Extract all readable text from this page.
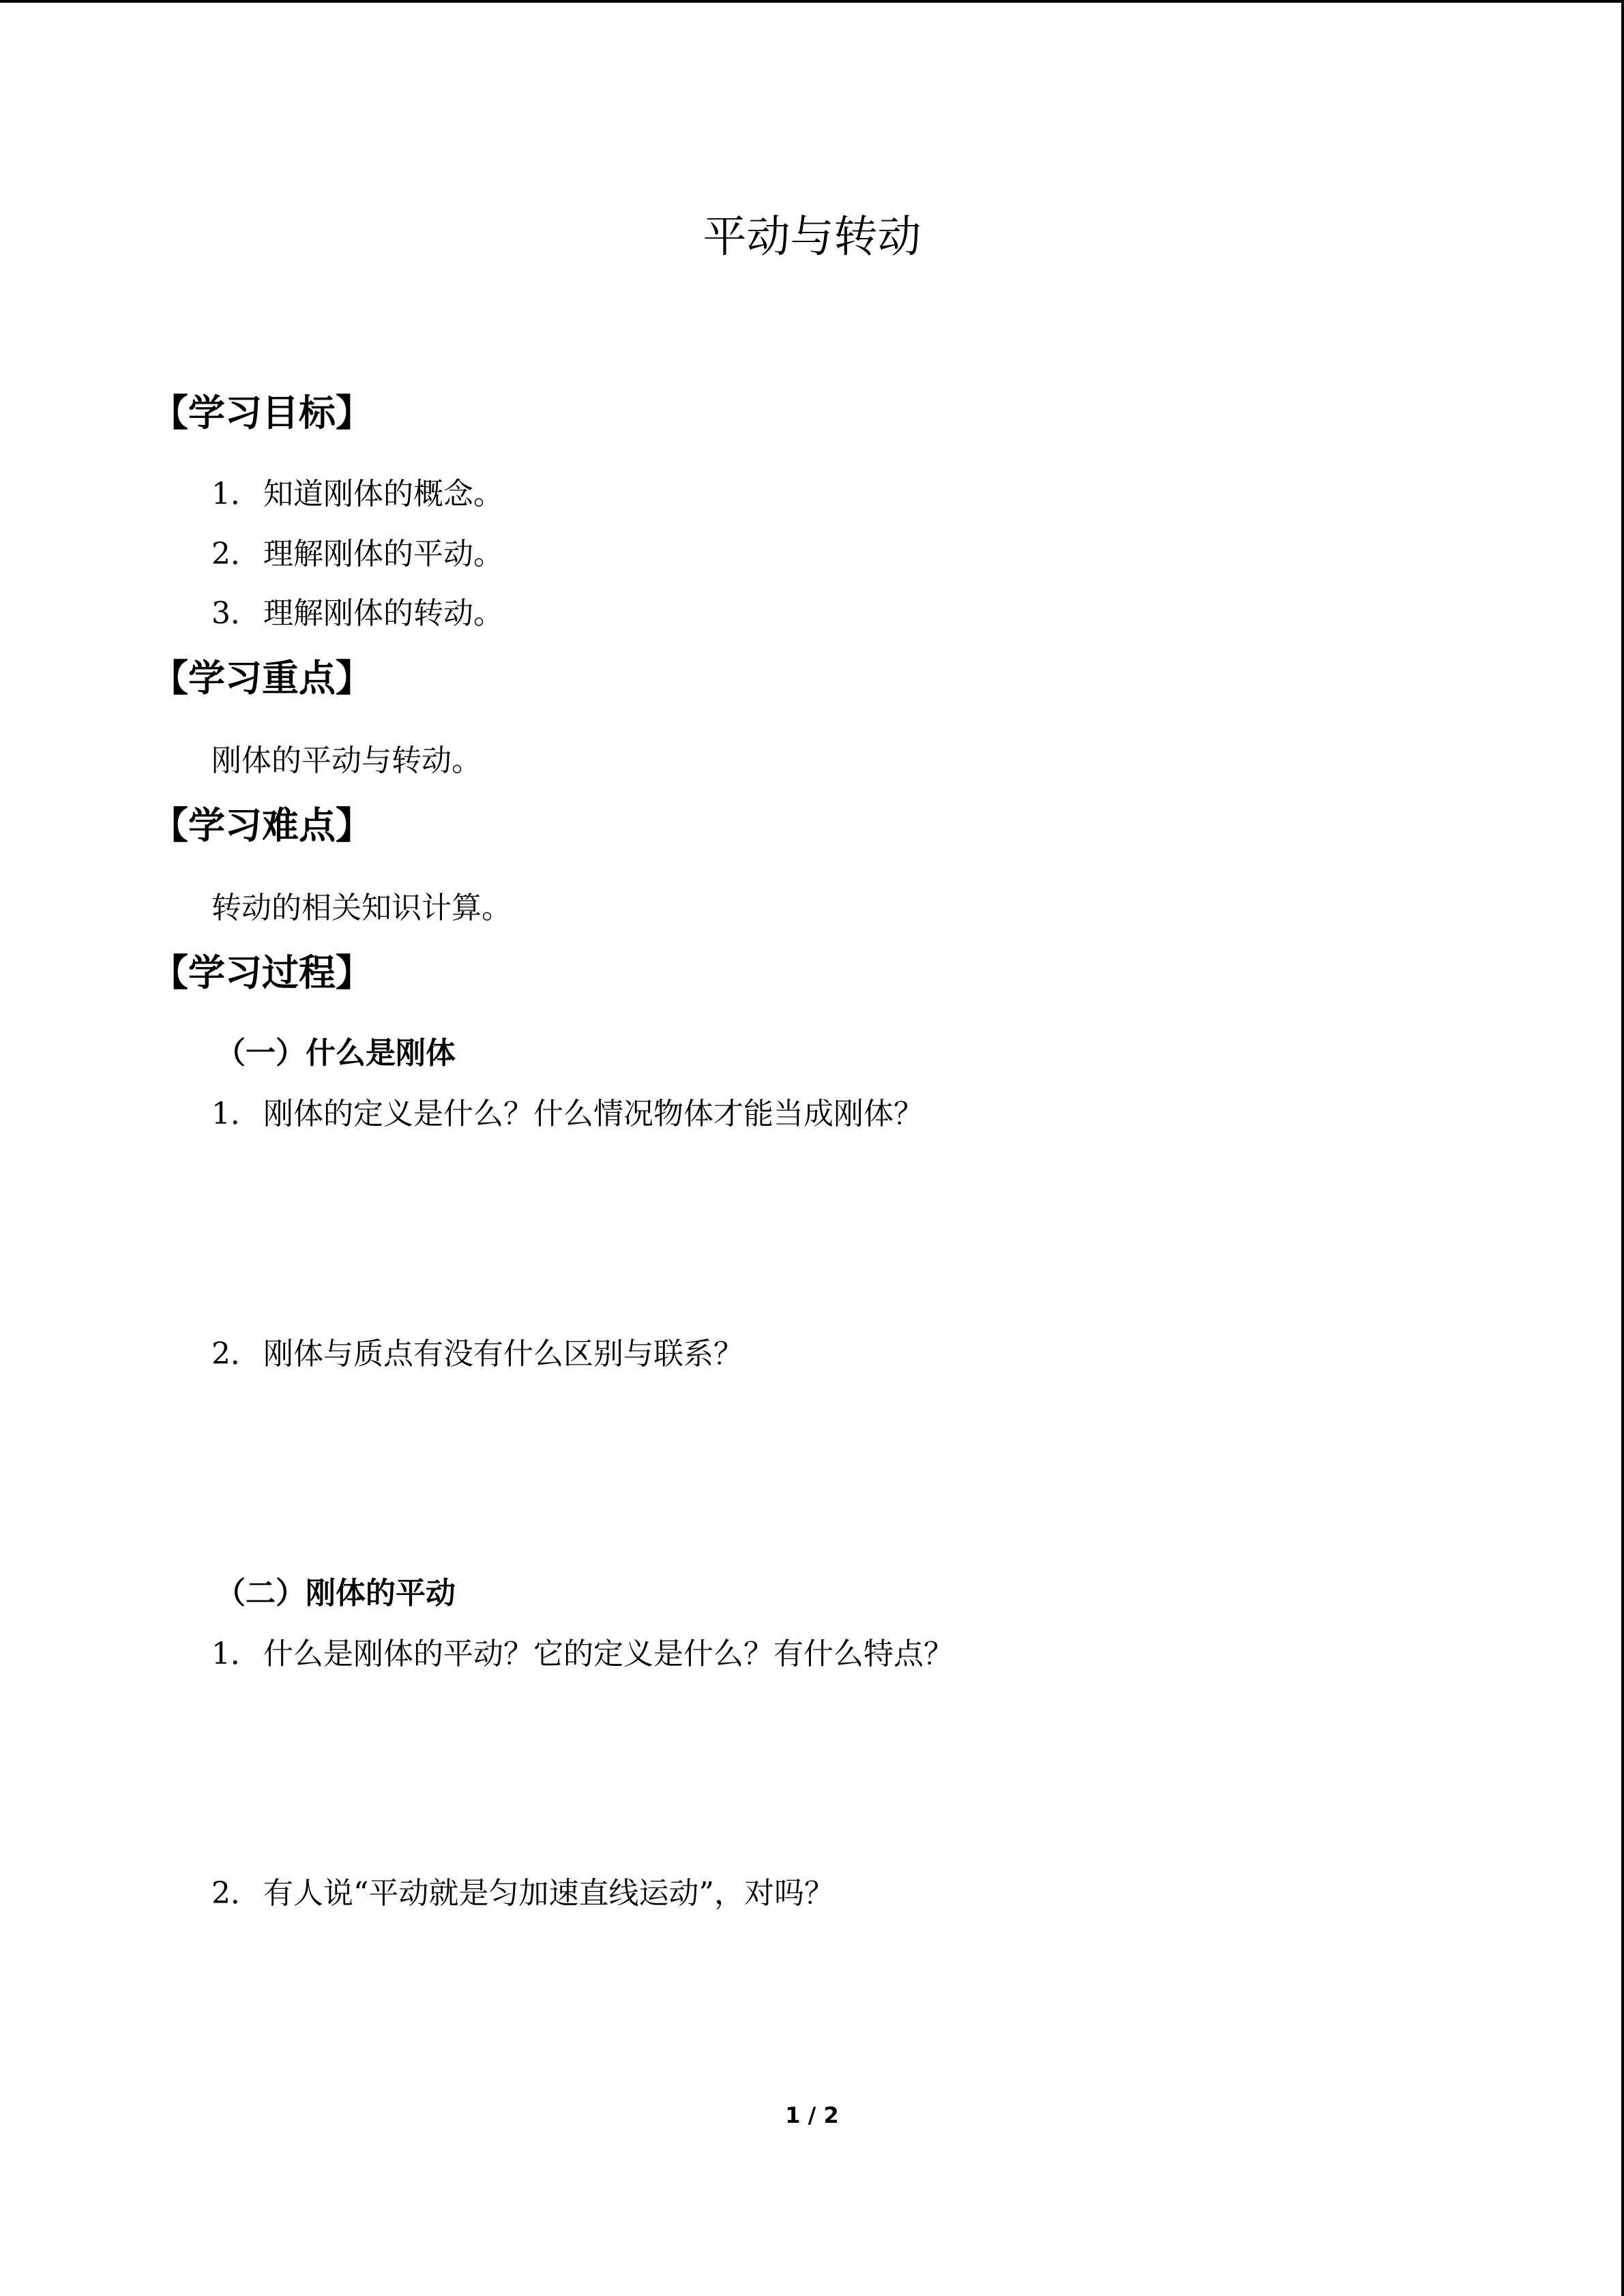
平动与转动
【学习目标】
1．知道刚体的概念。
2．理解刚体的平动。
3．理解刚体的转动。
【学习重点】
刚体的平动与转动。
【学习难点】
转动的相关知识计算。
【学习过程】
（一）什么是刚体
1．刚体的定义是什么？什么情况物体才能当成刚体？
2．刚体与质点有没有什么区别与联系？
（二）刚体的平动
1．什么是刚体的平动？它的定义是什么？有什么特点？
2．有人说“平动就是匀加速直线运动”，对吗？
1 / 2
